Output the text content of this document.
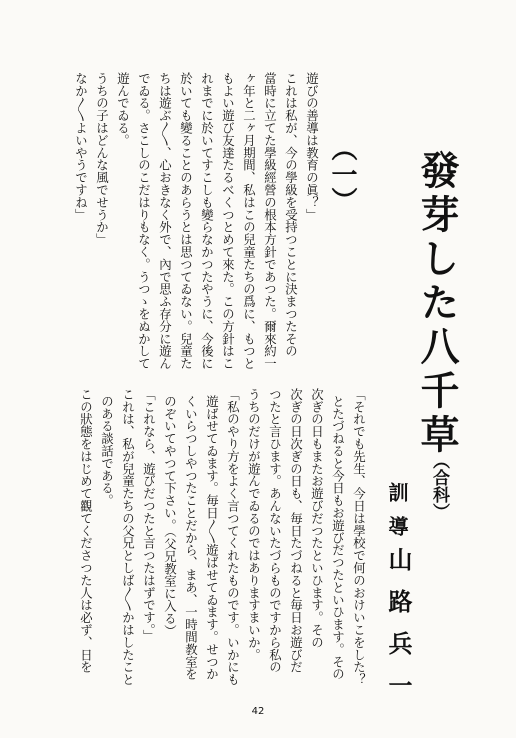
發芽した八千草
（合科）
訓導
山路兵一
（一）
遊びの善導は教育の眞？」
これは私が、今の學級を受持つことに決まつたその
當時に立てた學級經營の根本方針であつた。爾來約一
ヶ年と二ヶ月期間、私はこの兒童たちの爲に、もつと
もよい遊び友達たるべくつとめて來た。この方針はこ
れまでに於いてすこしも變らなかつたやうに、今後に
於いても變ることのあらうとは思つてゐない。兒童た
ちは遊ぶ〳〵、心おきなく外で、內で思ふ存分に遊ん
でゐる。さこしのこだはりもなく。うつゝをぬかして
遊んでゐる。
うちの子はどんな風でせうか」
なか〳〵よいやうですね」
「それでも先生、今日は學校で何のおけいこをした？
とたづねると今日もお遊びだつたといひます。その
次ぎの日もまたお遊びだつたといひます。その
次ぎの日次ぎの日も、毎日たづねると毎日お遊びだ
つたと言ひます。あんないたづらものですから私の
うちのだけが遊んでゐるのではありますまいか。
「私のやり方をよく言つてくれたものです。いかにも
遊ばせてゐます。毎日〳〵遊ばせてゐます。せつか
くいらつしやつたことだから、まあ、一時間教室を
のぞいてやつて下さい。（父兄教室に入る）
「これなら、遊びだつたと言つたはずです。」
これは、私が兒童たちの父兄としば〳〵かはしたこと
のある談話である。
この狀態をはじめて觀てくださつた人は必ず、日を
42
